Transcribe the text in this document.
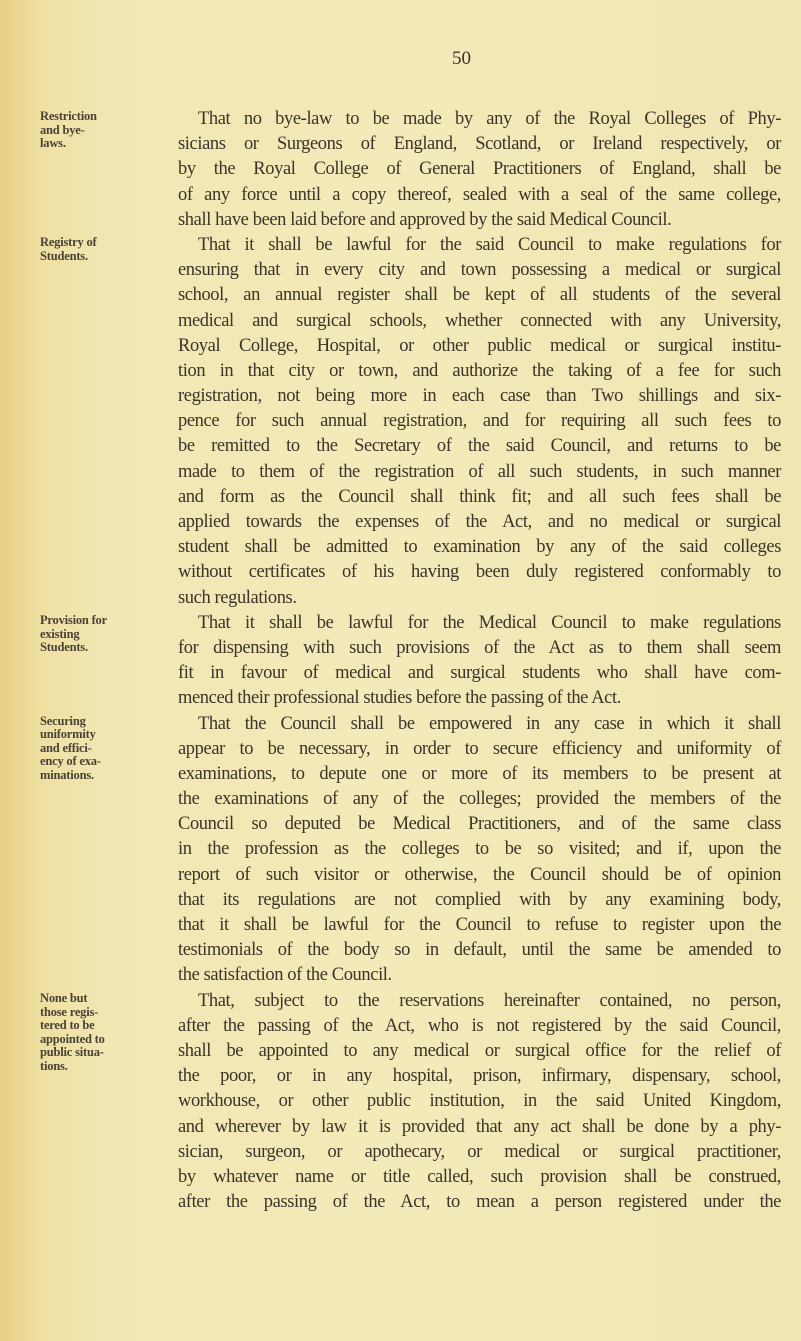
50
Restriction
and bye-
laws.
Registry of
Students.
Provision for
existing
Students.
Securing
uniformity
and effici-
ency of exa-
minations.
None but
those regis-
tered to be
appointed to
public situa-
tions.
That no bye-law to be made by any of the Royal Colleges of Phy-
sicians or Surgeons of England, Scotland, or Ireland respectively, or
by the Royal College of General Practitioners of England, shall be
of any force until a copy thereof, sealed with a seal of the same college,
shall have been laid before and approved by the said Medical Council.
That it shall be lawful for the said Council to make regulations for
ensuring that in every city and town possessing a medical or surgical
school, an annual register shall be kept of all students of the several
medical and surgical schools, whether connected with any University,
Royal College, Hospital, or other public medical or surgical institu-
tion in that city or town, and authorize the taking of a fee for such
registration, not being more in each case than Two shillings and six-
pence for such annual registration, and for requiring all such fees to
be remitted to the Secretary of the said Council, and returns to be
made to them of the registration of all such students, in such manner
and form as the Council shall think fit; and all such fees shall be
applied towards the expenses of the Act, and no medical or surgical
student shall be admitted to examination by any of the said colleges
without certificates of his having been duly registered conformably to
such regulations.
That it shall be lawful for the Medical Council to make regulations
for dispensing with such provisions of the Act as to them shall seem
fit in favour of medical and surgical students who shall have com-
menced their professional studies before the passing of the Act.
That the Council shall be empowered in any case in which it shall
appear to be necessary, in order to secure efficiency and uniformity of
examinations, to depute one or more of its members to be present at
the examinations of any of the colleges; provided the members of the
Council so deputed be Medical Practitioners, and of the same class
in the profession as the colleges to be so visited; and if, upon the
report of such visitor or otherwise, the Council should be of opinion
that its regulations are not complied with by any examining body,
that it shall be lawful for the Council to refuse to register upon the
testimonials of the body so in default, until the same be amended to
the satisfaction of the Council.
That, subject to the reservations hereinafter contained, no person,
after the passing of the Act, who is not registered by the said Council,
shall be appointed to any medical or surgical office for the relief of
the poor, or in any hospital, prison, infirmary, dispensary, school,
workhouse, or other public institution, in the said United Kingdom,
and wherever by law it is provided that any act shall be done by a phy-
sician, surgeon, or apothecary, or medical or surgical practitioner,
by whatever name or title called, such provision shall be construed,
after the passing of the Act, to mean a person registered under the
